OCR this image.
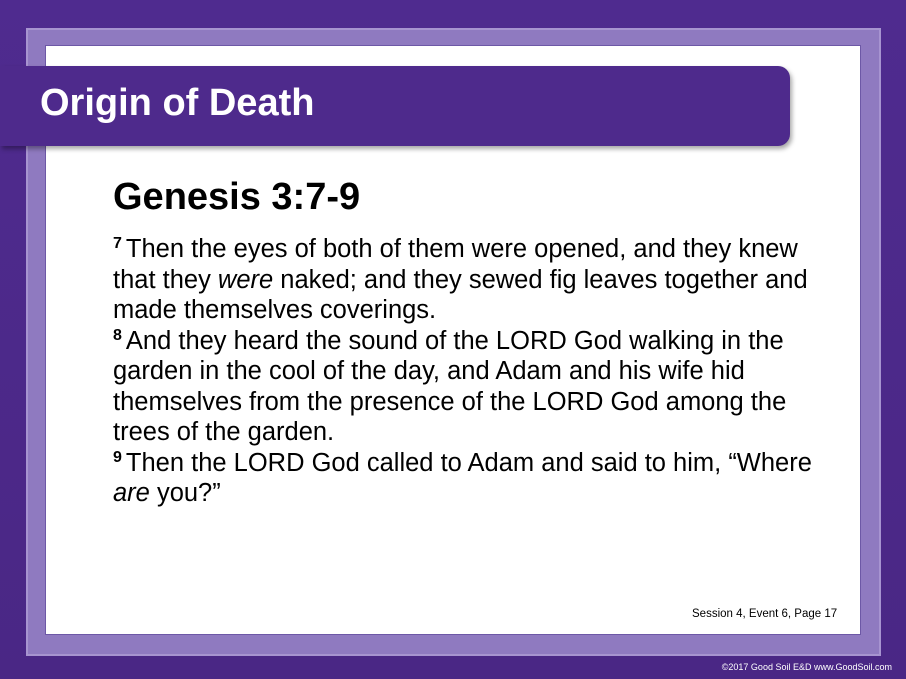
Origin of Death
Genesis 3:7-9
$^7$ Then the eyes of both of them were opened, and they knew that they were naked; and they sewed fig leaves together and made themselves coverings.
$^8$ And they heard the sound of the LORD God walking in the garden in the cool of the day, and Adam and his wife hid themselves from the presence of the LORD God among the trees of the garden.
$^9$ Then the LORD God called to Adam and said to him, “Where are you?”
Session 4, Event 6, Page 17
©2017 Good Soil E&D www.GoodSoil.com
